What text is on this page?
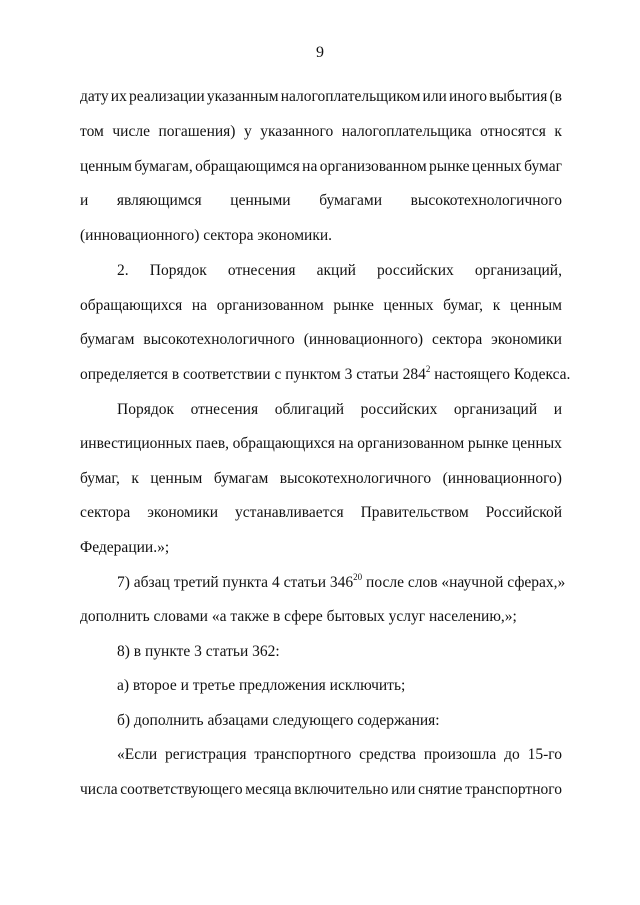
9
дату их реализации указанным налогоплательщиком или иного выбытия (в
том числе погашения) у указанного налогоплательщика относятся к
ценным бумагам, обращающимся на организованном рынке ценных бумаг
и являющимся ценными бумагами высокотехнологичного
(инновационного) сектора экономики.
2. Порядок отнесения акций российских организаций,
обращающихся на организованном рынке ценных бумаг, к ценным
бумагам высокотехнологичного (инновационного) сектора экономики
определяется в соответствии с пунктом 3 статьи $284^2$ настоящего Кодекса.
Порядок отнесения облигаций российских организаций и
инвестиционных паев, обращающихся на организованном рынке ценных
бумаг, к ценным бумагам высокотехнологичного (инновационного)
сектора экономики устанавливается Правительством Российской
Федерации.»;
7) абзац третий пункта 4 статьи $346^{20}$ после слов «научной сферах,»
дополнить словами «а также в сфере бытовых услуг населению,»;
8) в пункте 3 статьи 362:
а) второе и третье предложения исключить;
б) дополнить абзацами следующего содержания:
«Если регистрация транспортного средства произошла до 15-го
числа соответствующего месяца включительно или снятие транспортного
